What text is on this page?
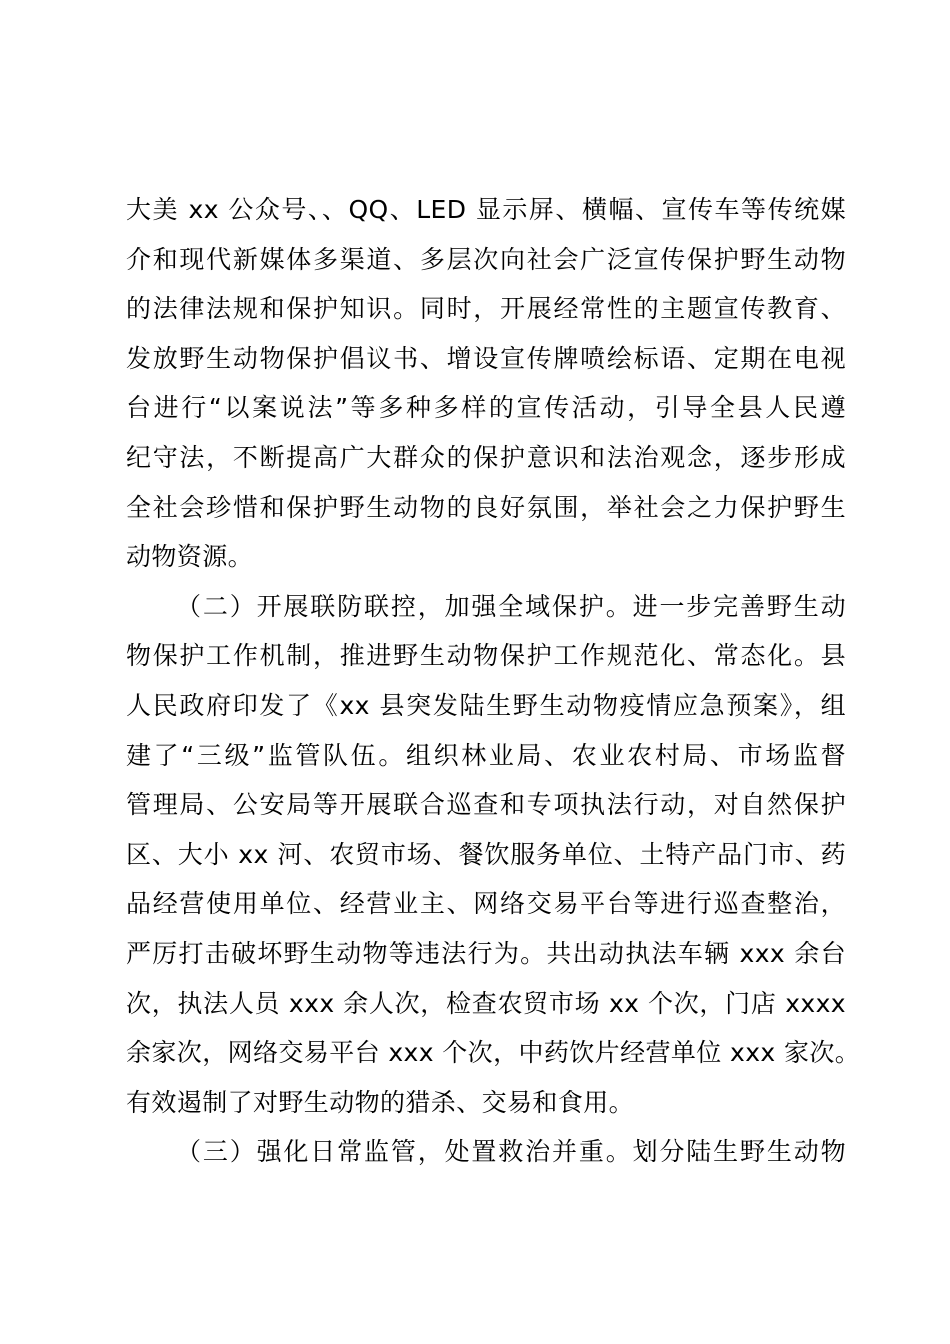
大美 xx 公众号、、QQ、LED 显示屏、横幅、宣传车等传统媒
介和现代新媒体多渠道、多层次向社会广泛宣传保护野生动物
的法律法规和保护知识。同时，开展经常性的主题宣传教育、
发放野生动物保护倡议书、增设宣传牌喷绘标语、定期在电视
台进行“以案说法”等多种多样的宣传活动，引导全县人民遵
纪守法，不断提高广大群众的保护意识和法治观念，逐步形成
全社会珍惜和保护野生动物的良好氛围，举社会之力保护野生
动物资源。
（二）开展联防联控，加强全域保护。进一步完善野生动
物保护工作机制，推进野生动物保护工作规范化、常态化。县
人民政府印发了《xx 县突发陆生野生动物疫情应急预案》，组
建了“三级”监管队伍。组织林业局、农业农村局、市场监督
管理局、公安局等开展联合巡查和专项执法行动，对自然保护
区、大小 xx 河、农贸市场、餐饮服务单位、土特产品门市、药
品经营使用单位、经营业主、网络交易平台等进行巡查整治，
严厉打击破坏野生动物等违法行为。共出动执法车辆 xxx 余台
次，执法人员 xxx 余人次，检查农贸市场 xx 个次，门店 xxxx
余家次，网络交易平台 xxx 个次，中药饮片经营单位 xxx 家次。
有效遏制了对野生动物的猎杀、交易和食用。
（三）强化日常监管，处置救治并重。划分陆生野生动物
